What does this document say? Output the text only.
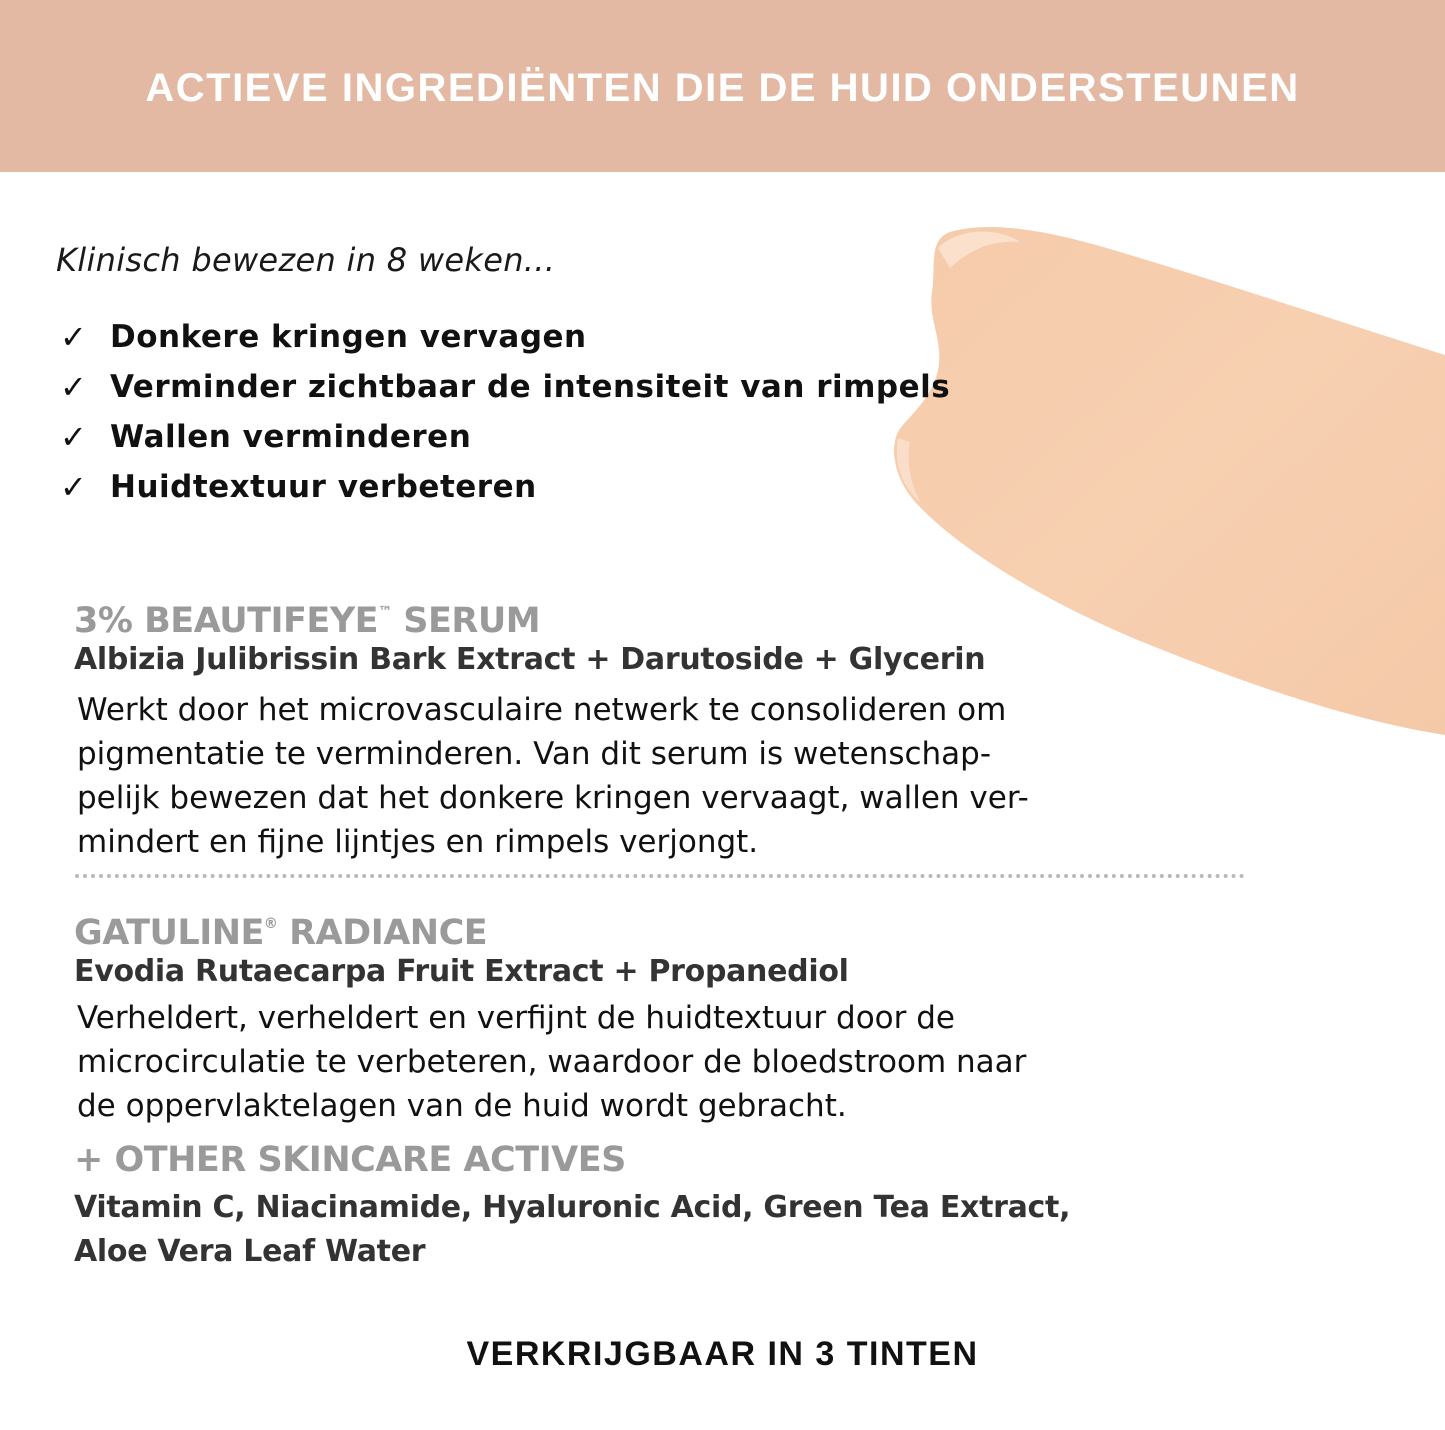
ACTIEVE INGREDIËNTEN DIE DE HUID ONDERSTEUNEN
Klinisch bewezen in 8 weken...
✓ Donkere kringen vervagen
✓ Verminder zichtbaar de intensiteit van rimpels
✓ Wallen verminderen
✓ Huidtextuur verbeteren
3% BEAUTIFEYE™ SERUM
Albizia Julibrissin Bark Extract + Darutoside + Glycerin

Werkt door het microvasculaire netwerk te consolideren om
pigmentatie te verminderen. Van dit serum is wetenschap-
pelijk bewezen dat het donkere kringen vervaagt, wallen ver-
mindert en fijne lijntjes en rimpels verjongt.

GATULINE® RADIANCE
Evodia Rutaecarpa Fruit Extract + Propanediol

Verheldert, verheldert en verfijnt de huidtextuur door de
microcirculatie te verbeteren, waardoor de bloedstroom naar
de oppervlaktelagen van de huid wordt gebracht.

+ OTHER SKINCARE ACTIVES
Vitamin C, Niacinamide, Hyaluronic Acid, Green Tea Extract,
Aloe Vera Leaf Water
VERKRIJGBAAR IN 3 TINTEN
